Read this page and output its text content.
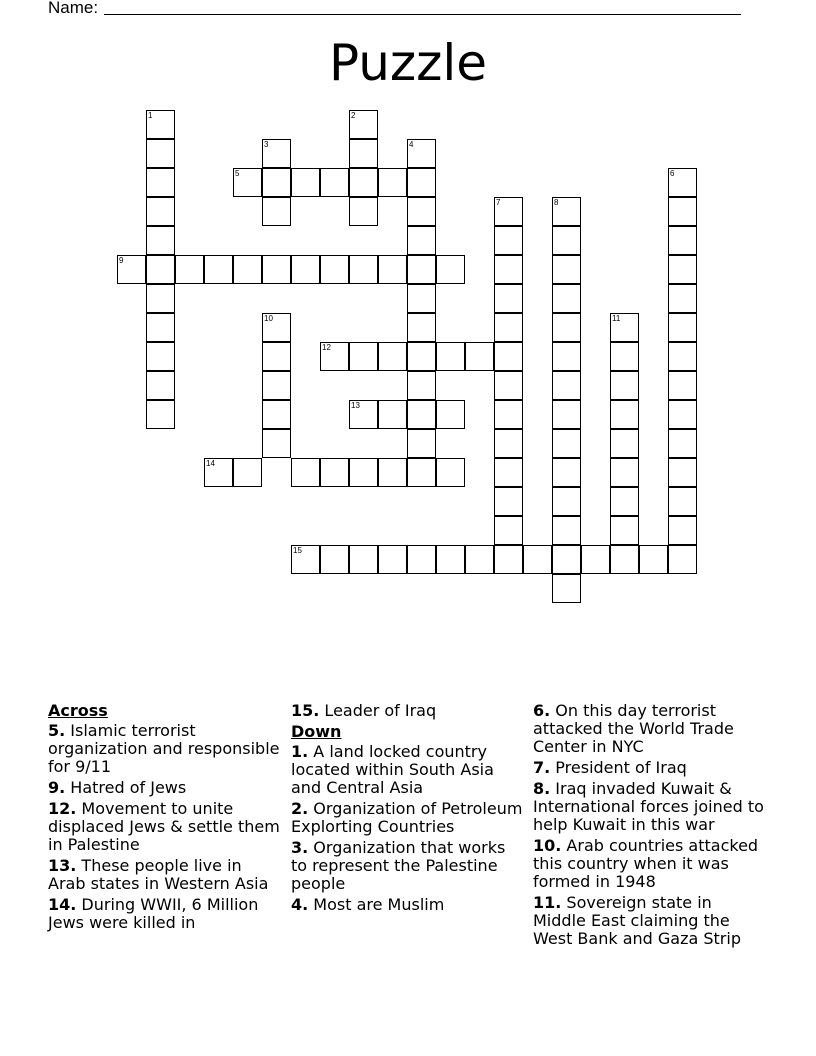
Name:
Puzzle
1	2
3	4
5	6
7	8
9
10	11
12
13
14
15
Across
5. Islamic terrorist organization and responsible for 9/11
9. Hatred of Jews
12. Movement to unite displaced Jews & settle them in Palestine
13. These people live in Arab states in Western Asia
14. During WWII, 6 Million Jews were killed in
15. Leader of Iraq
Down
1. A land locked country located within South Asia and Central Asia
2. Organization of Petroleum Explorting Countries
3. Organization that works to represent the Palestine people
4. Most are Muslim
6. On this day terrorist attacked the World Trade Center in NYC
7. President of Iraq
8. Iraq invaded Kuwait & International forces joined to help Kuwait in this war
10. Arab countries attacked this country when it was formed in 1948
11. Sovereign state in Middle East claiming the West Bank and Gaza Strip
